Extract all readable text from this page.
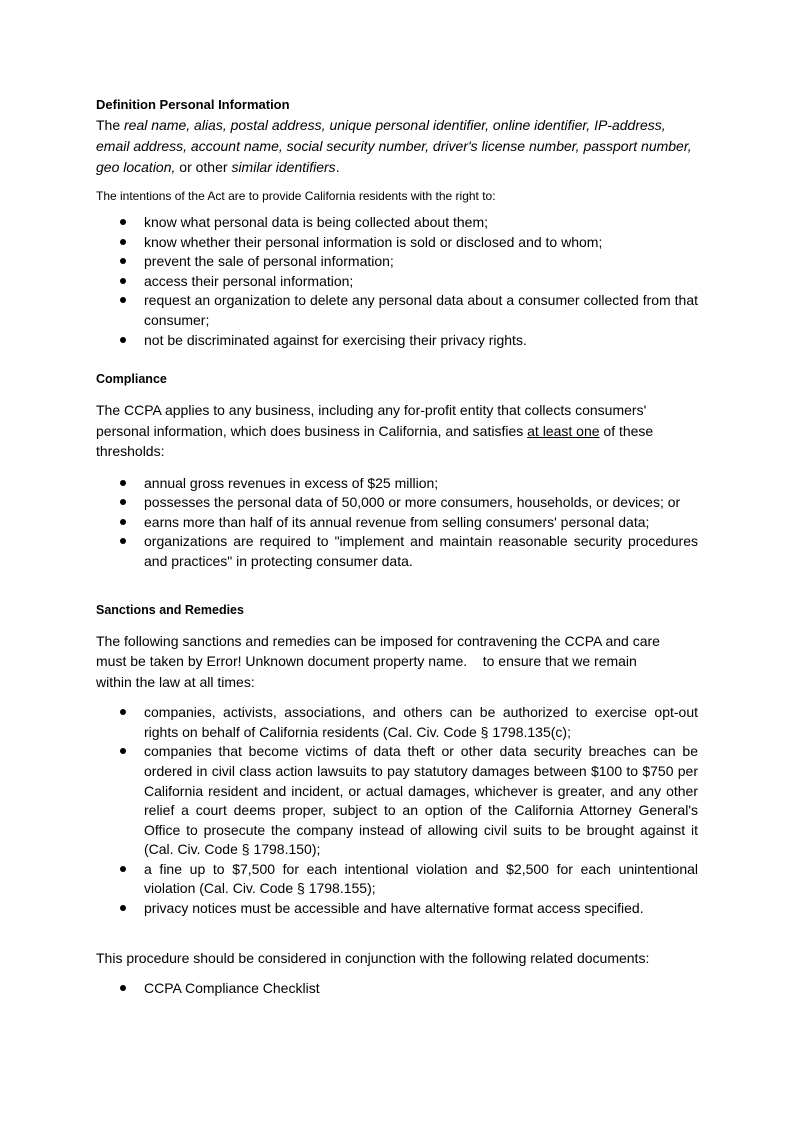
Definition Personal Information
The real name, alias, postal address, unique personal identifier, online identifier, IP-address, email address, account name, social security number, driver's license number, passport number, geo location, or other similar identifiers.
The intentions of the Act are to provide California residents with the right to:
know what personal data is being collected about them;
know whether their personal information is sold or disclosed and to whom;
prevent the sale of personal information;
access their personal information;
request an organization to delete any personal data about a consumer collected from that consumer;
not be discriminated against for exercising their privacy rights.
Compliance
The CCPA applies to any business, including any for-profit entity that collects consumers' personal information, which does business in California, and satisfies at least one of these thresholds:
annual gross revenues in excess of $25 million;
possesses the personal data of 50,000 or more consumers, households, or devices; or
earns more than half of its annual revenue from selling consumers' personal data;
organizations are required to "implement and maintain reasonable security procedures and practices" in protecting consumer data.
Sanctions and Remedies
The following sanctions and remedies can be imposed for contravening the CCPA and care
must be taken by Error! Unknown document property name.    to ensure that we remain
within the law at all times:
companies, activists, associations, and others can be authorized to exercise opt-out rights on behalf of California residents (Cal. Civ. Code § 1798.135(c);
companies that become victims of data theft or other data security breaches can be ordered in civil class action lawsuits to pay statutory damages between $100 to $750 per California resident and incident, or actual damages, whichever is greater, and any other relief a court deems proper, subject to an option of the California Attorney General's Office to prosecute the company instead of allowing civil suits to be brought against it (Cal. Civ. Code § 1798.150);
a fine up to $7,500 for each intentional violation and $2,500 for each unintentional violation (Cal. Civ. Code § 1798.155);
privacy notices must be accessible and have alternative format access specified.
This procedure should be considered in conjunction with the following related documents:
CCPA Compliance Checklist
